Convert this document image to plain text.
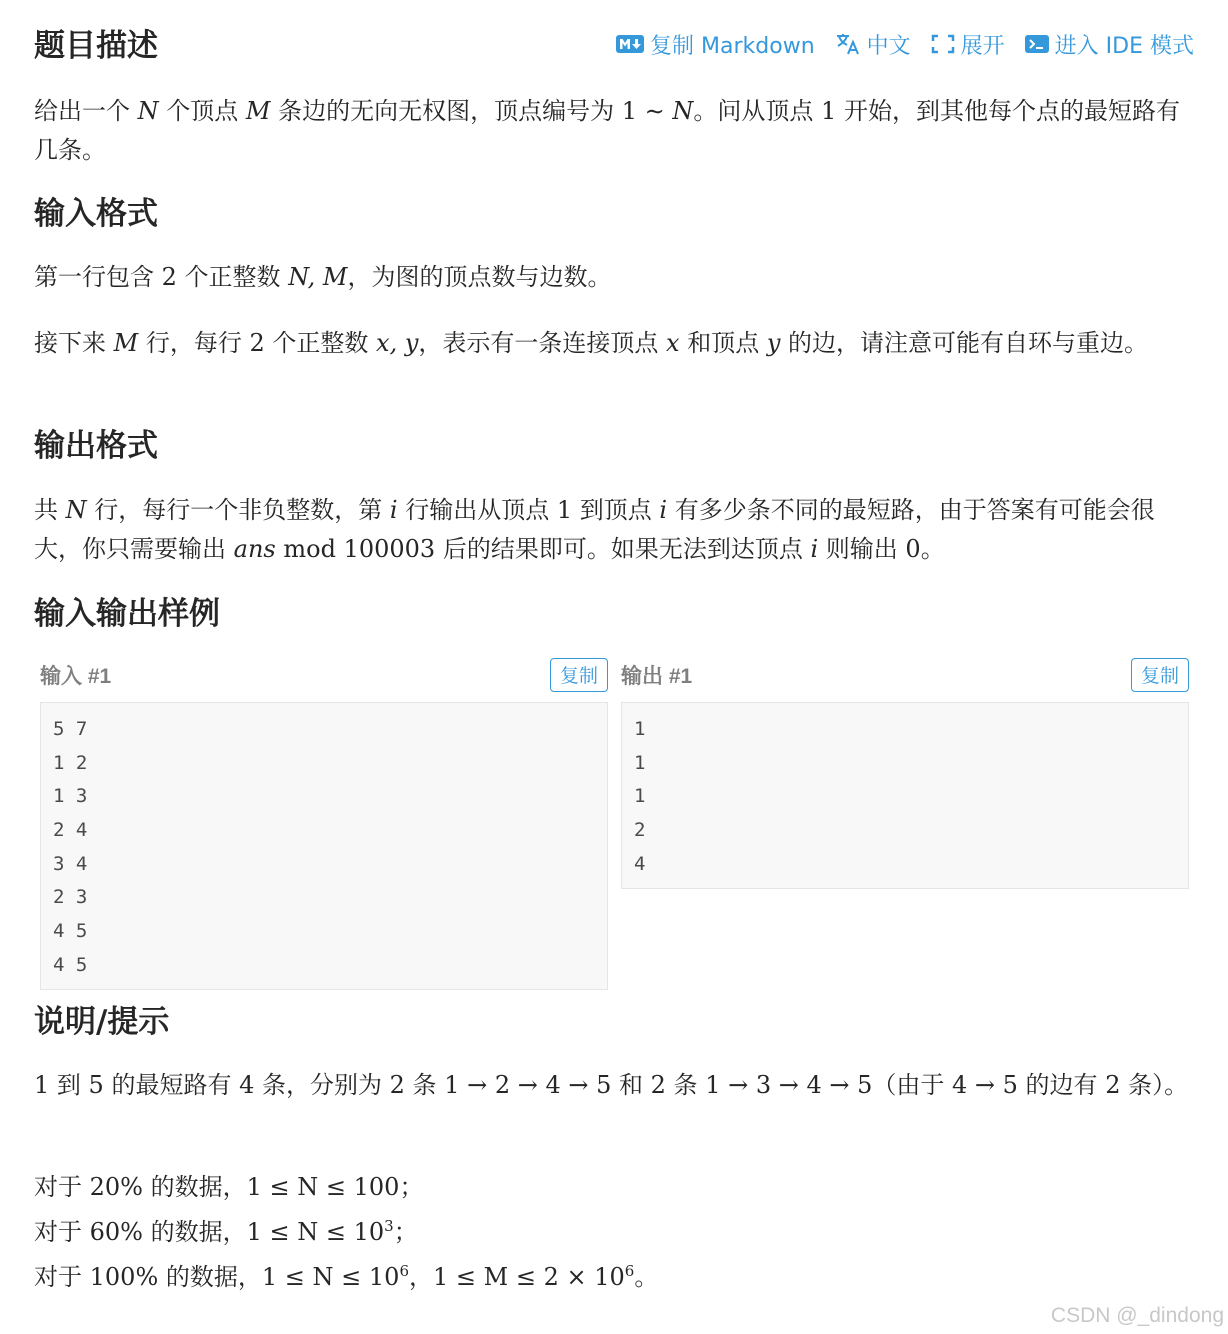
题目描述	复制 Markdown 中文 展开 进入 IDE 模式

给出一个 N 个顶点 M 条边的无向无权图，顶点编号为 1 ∼ N。问从顶点 1 开始，到其他每个点的最短路有几条。

输入格式

第一行包含 2 个正整数 N, M，为图的顶点数与边数。

接下来 M 行，每行 2 个正整数 x, y，表示有一条连接顶点 x 和顶点 y 的边，请注意可能有自环与重边。

输出格式

共 N 行，每行一个非负整数，第 i 行输出从顶点 1 到顶点 i 有多少条不同的最短路，由于答案有可能会很大，你只需要输出 ans mod 100003 后的结果即可。如果无法到达顶点 i 则输出 0。

输入输出样例
输入 #1	复制
5 7
1 2
1 3
2 4
3 4
2 3
4 5
4 5
输出 #1	复制
1
1
1
2
4
说明/提示

1 到 5 的最短路有 4 条，分别为 2 条 1 → 2 → 4 → 5 和 2 条 1 → 3 → 4 → 5（由于 4 → 5 的边有 2 条）。

对于 20% 的数据，1 ≤ N ≤ 100；

对于 60% 的数据，$1 \le N \le 10^3$；

对于 100% 的数据，$1 \le N \le 10^6$，$1 \le M \le 2 \times 10^6$。

CSDN @_dindong
